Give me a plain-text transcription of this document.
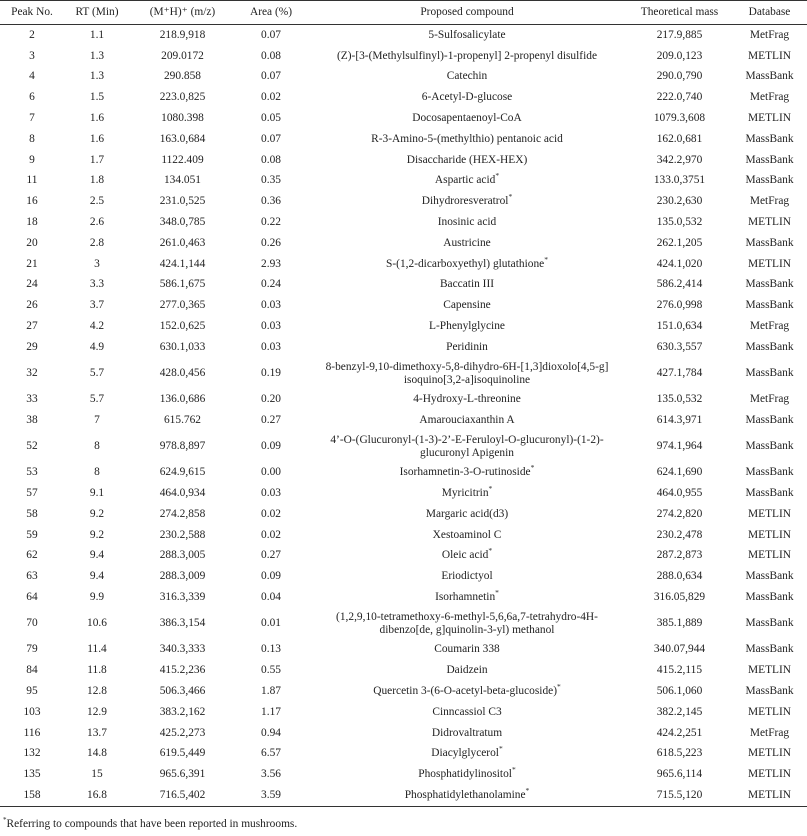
Peak No.	RT (Min)	(M⁺H)⁺ (m/z)	Area (%)	Proposed compound	Theoretical mass	Database
2	1.1	218.9,918	0.07	5-Sulfosalicylate	217.9,885	MetFrag
3	1.3	209.0172	0.08	(Z)-[3-(Methylsulfinyl)-1-propenyl] 2-propenyl disulfide	209.0,123	METLIN
4	1.3	290.858	0.07	Catechin	290.0,790	MassBank
6	1.5	223.0,825	0.02	6-Acetyl-D-glucose	222.0,740	MetFrag
7	1.6	1080.398	0.05	Docosapentaenoyl-CoA	1079.3,608	METLIN
8	1.6	163.0,684	0.07	R-3-Amino-5-(methylthio) pentanoic acid	162.0,681	MassBank
9	1.7	1122.409	0.08	Disaccharide (HEX-HEX)	342.2,970	MassBank
11	1.8	134.051	0.35	Aspartic acid*	133.0,3751	MassBank
16	2.5	231.0,525	0.36	Dihydroresveratrol*	230.2,630	MetFrag
18	2.6	348.0,785	0.22	Inosinic acid	135.0,532	METLIN
20	2.8	261.0,463	0.26	Austricine	262.1,205	MassBank
21	3	424.1,144	2.93	S-(1,2-dicarboxyethyl) glutathione*	424.1,020	METLIN
24	3.3	586.1,675	0.24	Baccatin III	586.2,414	MassBank
26	3.7	277.0,365	0.03	Capensine	276.0,998	MassBank
27	4.2	152.0,625	0.03	L-Phenylglycine	151.0,634	MetFrag
29	4.9	630.1,033	0.03	Peridinin	630.3,557	MassBank
32	5.7	428.0,456	0.19	8-benzyl-9,10-dimethoxy-5,8-dihydro-6H-[1,3]dioxolo[4,5-g] isoquino[3,2-a]isoquinoline	427.1,784	MassBank
33	5.7	136.0,686	0.20	4-Hydroxy-L-threonine	135.0,532	MetFrag
38	7	615.762	0.27	Amarouciaxanthin A	614.3,971	MassBank
52	8	978.8,897	0.09	4’-O-(Glucuronyl-(1-3)-2’-E-Feruloyl-O-glucuronyl)-(1-2)-glucuronyl Apigenin	974.1,964	MassBank
53	8	624.9,615	0.00	Isorhamnetin-3-O-rutinoside*	624.1,690	MassBank
57	9.1	464.0,934	0.03	Myricitrin*	464.0,955	MassBank
58	9.2	274.2,858	0.02	Margaric acid(d3)	274.2,820	METLIN
59	9.2	230.2,588	0.02	Xestoaminol C	230.2,478	METLIN
62	9.4	288.3,005	0.27	Oleic acid*	287.2,873	METLIN
63	9.4	288.3,009	0.09	Eriodictyol	288.0,634	MassBank
64	9.9	316.3,339	0.04	Isorhamnetin*	316.05,829	MassBank
70	10.6	386.3,154	0.01	(1,2,9,10-tetramethoxy-6-methyl-5,6,6a,7-tetrahydro-4H-dibenzo[de, g]quinolin-3-yl) methanol	385.1,889	MassBank
79	11.4	340.3,333	0.13	Coumarin 338	340.07,944	MassBank
84	11.8	415.2,236	0.55	Daidzein	415.2,115	METLIN
95	12.8	506.3,466	1.87	Quercetin 3-(6-O-acetyl-beta-glucoside)*	506.1,060	MassBank
103	12.9	383.2,162	1.17	Cinncassiol C3	382.2,145	METLIN
116	13.7	425.2,273	0.94	Didrovaltratum	424.2,251	MetFrag
132	14.8	619.5,449	6.57	Diacylglycerol*	618.5,223	METLIN
135	15	965.6,391	3.56	Phosphatidylinositol*	965.6,114	METLIN
158	16.8	716.5,402	3.59	Phosphatidylethanolamine*	715.5,120	METLIN
*Referring to compounds that have been reported in mushrooms.
